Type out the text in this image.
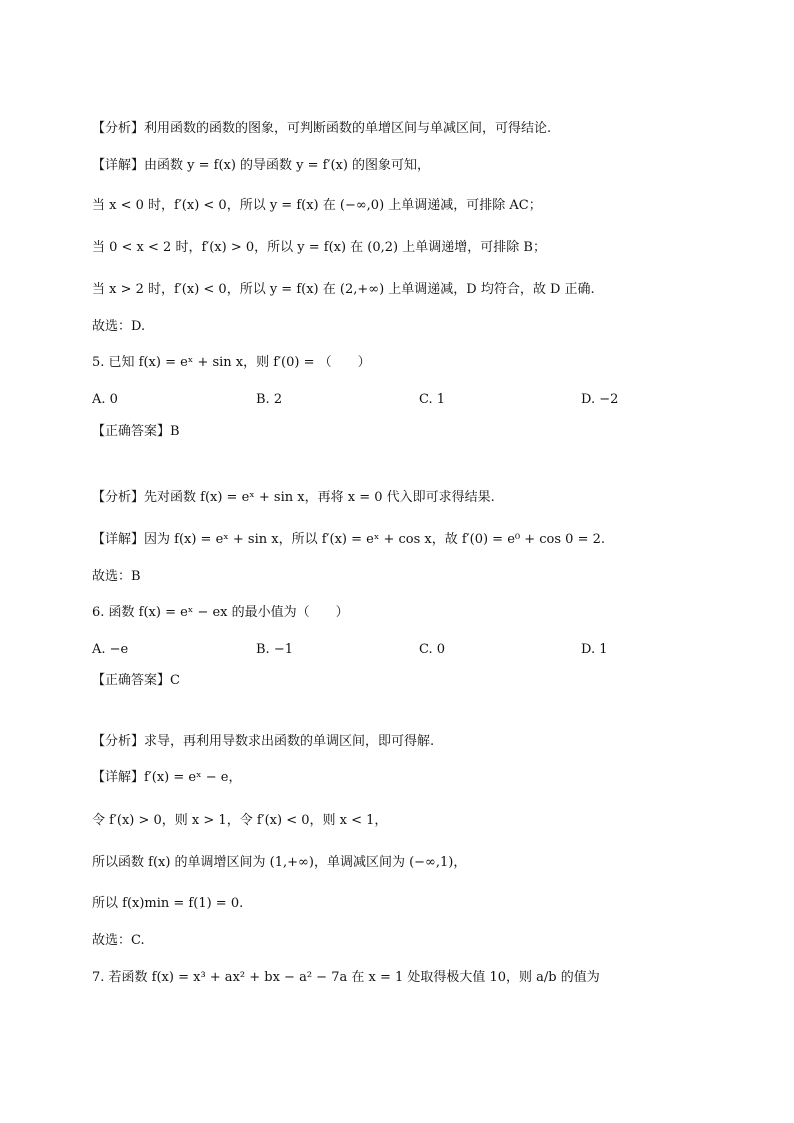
【分析】利用函数的函数的图象，可判断函数的单增区间与单减区间，可得结论.
【详解】由函数 y = f(x) 的导函数 y = f′(x) 的图象可知，
当 x < 0 时，f′(x) < 0，所以 y = f(x) 在 (−∞,0) 上单调递减，可排除 AC；
当 0 < x < 2 时，f′(x) > 0，所以 y = f(x) 在 (0,2) 上单调递增，可排除 B；
当 x > 2 时，f′(x) < 0，所以 y = f(x) 在 (2,+∞) 上单调递减，D 均符合，故 D 正确.
故选：D.
5. 已知 f(x) = eˣ + sin x，则 f′(0) = （　　）
A. 0	B. 2	C. 1	D. −2
【正确答案】B
【分析】先对函数 f(x) = eˣ + sin x，再将 x = 0 代入即可求得结果.
【详解】因为 f(x) = eˣ + sin x，所以 f′(x) = eˣ + cos x，故 f′(0) = e⁰ + cos 0 = 2.
故选：B
6. 函数 f(x) = eˣ − ex 的最小值为（　　）
A. −e	B. −1	C. 0	D. 1
【正确答案】C
【分析】求导，再利用导数求出函数的单调区间，即可得解.
【详解】f′(x) = eˣ − e，
令 f′(x) > 0，则 x > 1，令 f′(x) < 0，则 x < 1，
所以函数 f(x) 的单调增区间为 (1,+∞)，单调减区间为 (−∞,1)，
所以 f(x)min = f(1) = 0.
故选：C.
7. 若函数 f(x) = x³ + ax² + bx − a² − 7a 在 x = 1 处取得极大值 10，则 a/b 的值为
